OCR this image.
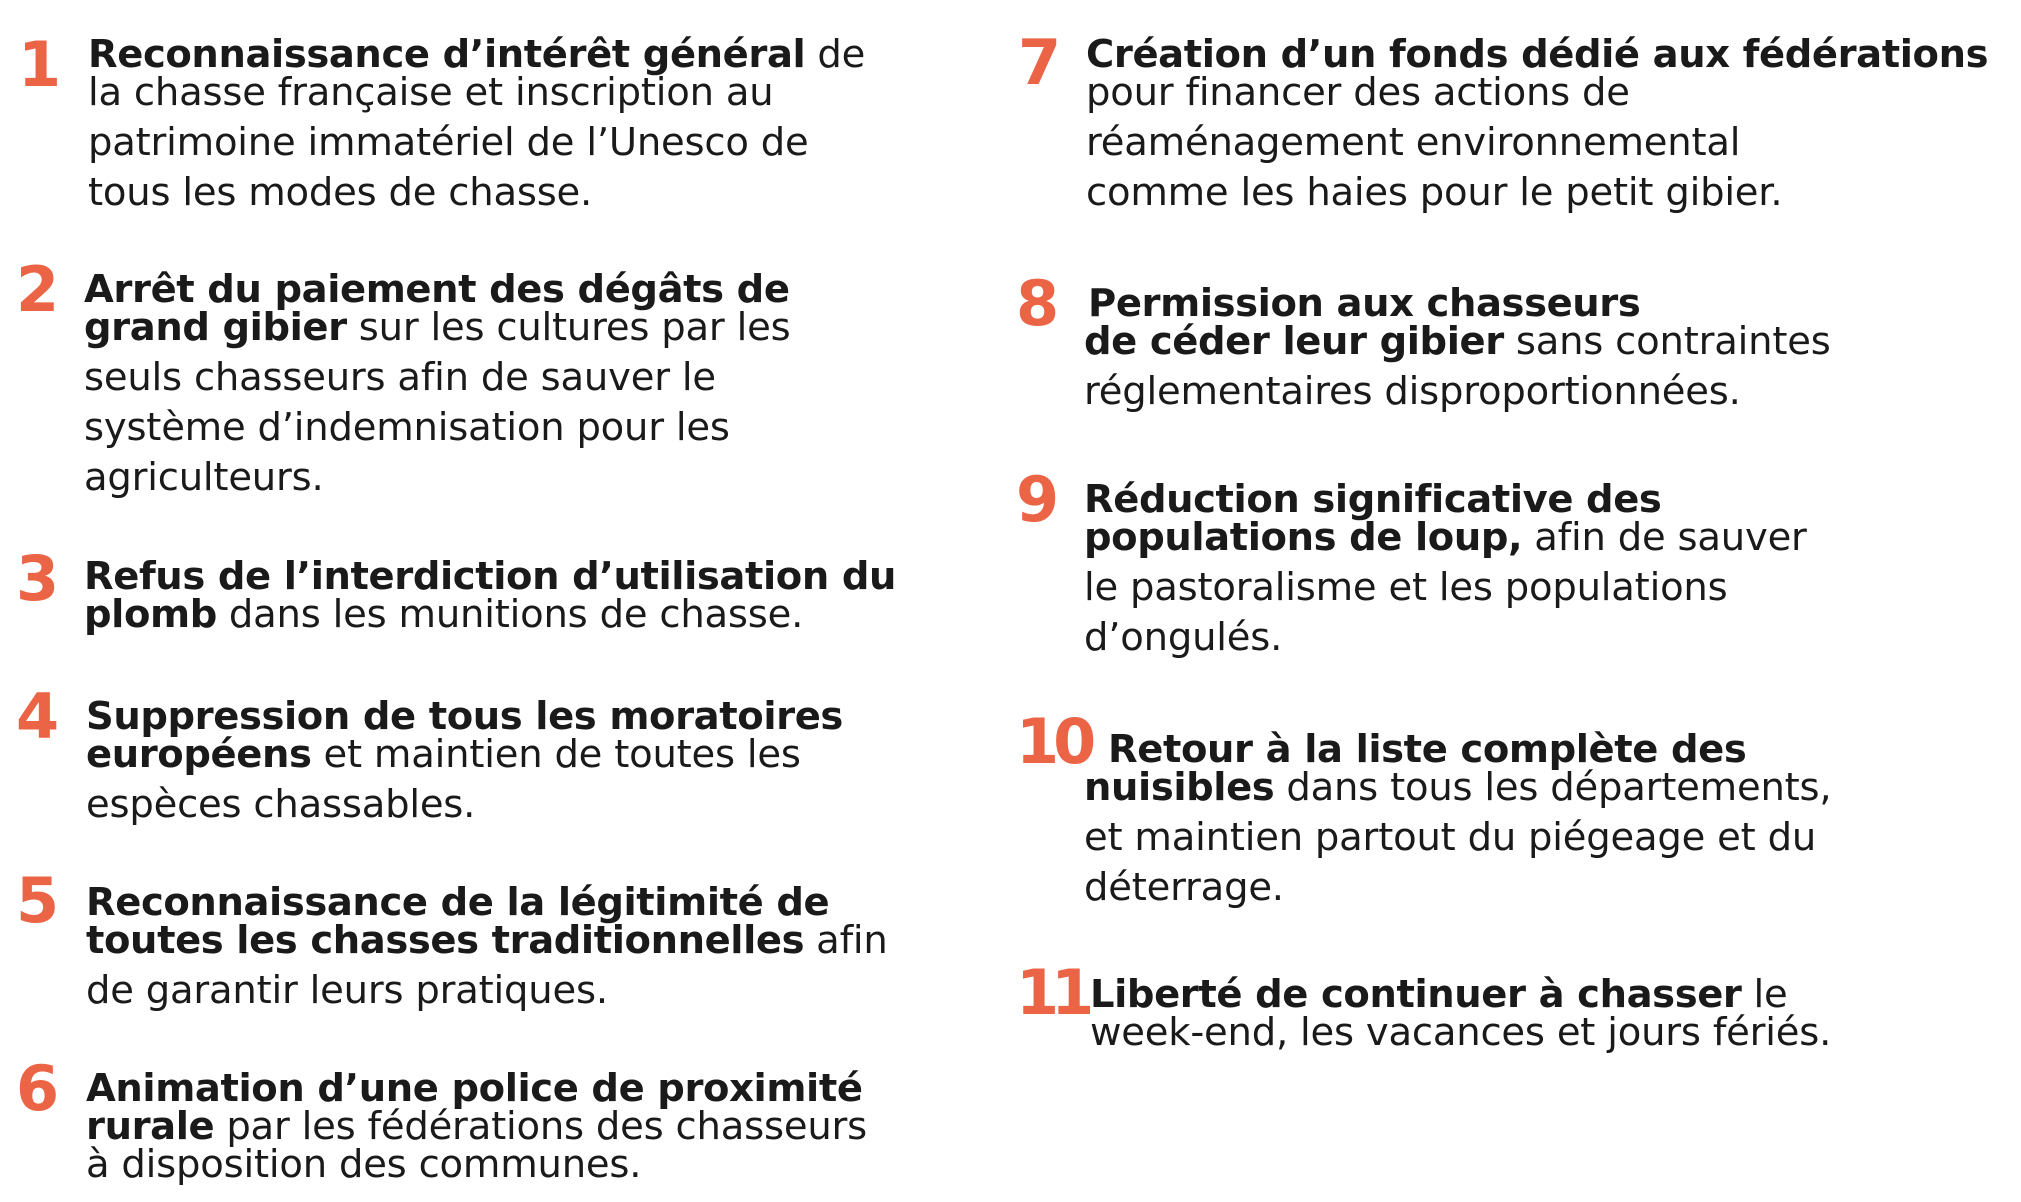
1 Reconnaissance d’intérêt général de
la chasse française et inscription au
patrimoine immatériel de l’Unesco de
tous les modes de chasse.
2 Arrêt du paiement des dégâts de
grand gibier sur les cultures par les
seuls chasseurs afin de sauver le
système d’indemnisation pour les
agriculteurs.
3 Refus de l’interdiction d’utilisation du
plomb dans les munitions de chasse.
4 Suppression de tous les moratoires
européens et maintien de toutes les
espèces chassables.
5 Reconnaissance de la légitimité de
toutes les chasses traditionnelles afin
de garantir leurs pratiques.
6 Animation d’une police de proximité
rurale par les fédérations des chasseurs
à disposition des communes.
7 Création d’un fonds dédié aux fédérations
pour financer des actions de
réaménagement environnemental
comme les haies pour le petit gibier.
8 Permission aux chasseurs
de céder leur gibier sans contraintes
réglementaires disproportionnées.
9 Réduction significative des
populations de loup, afin de sauver
le pastoralisme et les populations
d’ongulés.
10 Retour à la liste complète des
nuisibles dans tous les départements,
et maintien partout du piégeage et du
déterrage.
11 Liberté de continuer à chasser le
week-end, les vacances et jours fériés.
